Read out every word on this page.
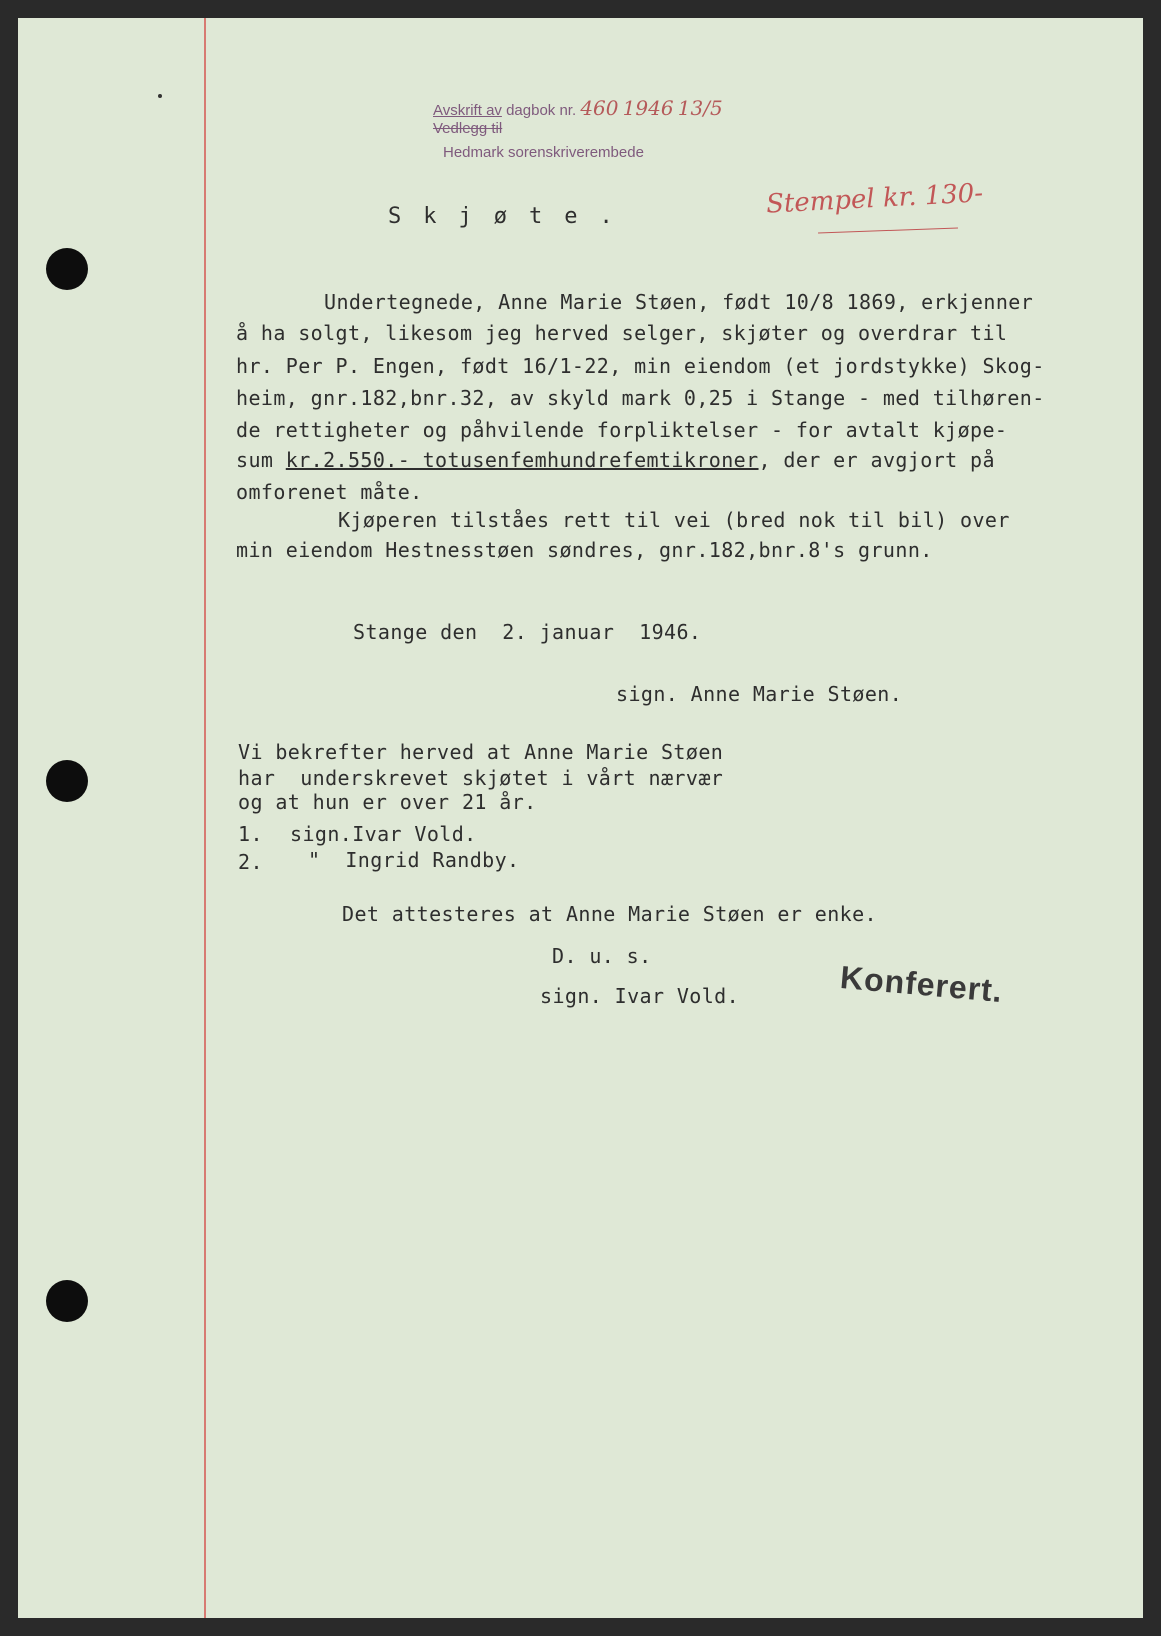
Avskrift av dagbok nr. 460 1946 13/5
Vedlegg til
Hedmark sorenskriverembede
Stempel kr. 130-
Skjøte.
Undertegnede, Anne Marie Støen, født 10/8 1869, erkjenner
å ha solgt, likesom jeg herved selger, skjøter og overdrar til
hr. Per P. Engen, født 16/1-22, min eiendom (et jordstykke) Skog-
heim, gnr.182,bnr.32, av skyld mark 0,25 i Stange - med tilhøren-
de rettigheter og påhvilende forpliktelser - for avtalt kjøpe-
sum kr.2.550.- totusenfemhundrefemtikroner, der er avgjort på
omforenet måte.
Kjøperen tilståes rett til vei (bred nok til bil) over
min eiendom Hestnesstøen søndres, gnr.182,bnr.8's grunn.
Stange den  2. januar  1946.
sign. Anne Marie Støen.
Vi bekrefter herved at Anne Marie Støen
har  underskrevet skjøtet i vårt nærvær
og at hun er over 21 år.
1. sign.Ivar Vold.
2. "  Ingrid Randby.
Det attesteres at Anne Marie Støen er enke.
D. u. s.
sign. Ivar Vold.	Konferert.
